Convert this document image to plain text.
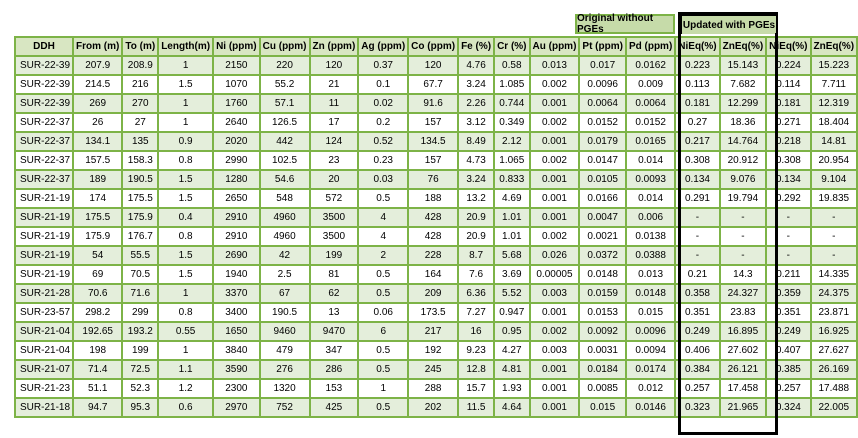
Original without PGEs	Updated with PGEs
DDH	From (m)	To (m)	Length(m)	Ni (ppm)	Cu (ppm)	Zn (ppm)	Ag (ppm)	Co (ppm)	Fe (%)	Cr (%)	Au (ppm)	Pt (ppm)	Pd (ppm)	NiEq(%)	ZnEq(%)	NiEq(%)	ZnEq(%)
SUR-22-39	207.9	208.9	1	2150	220	120	0.37	120	4.76	0.58	0.013	0.017	0.0162	0.223	15.143	0.224	15.223
SUR-22-39	214.5	216	1.5	1070	55.2	21	0.1	67.7	3.24	1.085	0.002	0.0096	0.009	0.113	7.682	0.114	7.711
SUR-22-39	269	270	1	1760	57.1	11	0.02	91.6	2.26	0.744	0.001	0.0064	0.0064	0.181	12.299	0.181	12.319
SUR-22-37	26	27	1	2640	126.5	17	0.2	157	3.12	0.349	0.002	0.0152	0.0152	0.27	18.36	0.271	18.404
SUR-22-37	134.1	135	0.9	2020	442	124	0.52	134.5	8.49	2.12	0.001	0.0179	0.0165	0.217	14.764	0.218	14.81
SUR-22-37	157.5	158.3	0.8	2990	102.5	23	0.23	157	4.73	1.065	0.002	0.0147	0.014	0.308	20.912	0.308	20.954
SUR-22-37	189	190.5	1.5	1280	54.6	20	0.03	76	3.24	0.833	0.001	0.0105	0.0093	0.134	9.076	0.134	9.104
SUR-21-19	174	175.5	1.5	2650	548	572	0.5	188	13.2	4.69	0.001	0.0166	0.014	0.291	19.794	0.292	19.835
SUR-21-19	175.5	175.9	0.4	2910	4960	3500	4	428	20.9	1.01	0.001	0.0047	0.006	-	-	-	-
SUR-21-19	175.9	176.7	0.8	2910	4960	3500	4	428	20.9	1.01	0.002	0.0021	0.0138	-	-	-	-
SUR-21-19	54	55.5	1.5	2690	42	199	2	228	8.7	5.68	0.026	0.0372	0.0388	-	-	-	-
SUR-21-19	69	70.5	1.5	1940	2.5	81	0.5	164	7.6	3.69	0.00005	0.0148	0.013	0.21	14.3	0.211	14.335
SUR-21-28	70.6	71.6	1	3370	67	62	0.5	209	6.36	5.52	0.003	0.0159	0.0148	0.358	24.327	0.359	24.375
SUR-23-57	298.2	299	0.8	3400	190.5	13	0.06	173.5	7.27	0.947	0.001	0.0153	0.015	0.351	23.83	0.351	23.871
SUR-21-04	192.65	193.2	0.55	1650	9460	9470	6	217	16	0.95	0.002	0.0092	0.0096	0.249	16.895	0.249	16.925
SUR-21-04	198	199	1	3840	479	347	0.5	192	9.23	4.27	0.003	0.0031	0.0094	0.406	27.602	0.407	27.627
SUR-21-07	71.4	72.5	1.1	3590	276	286	0.5	245	12.8	4.81	0.001	0.0184	0.0174	0.384	26.121	0.385	26.169
SUR-21-23	51.1	52.3	1.2	2300	1320	153	1	288	15.7	1.93	0.001	0.0085	0.012	0.257	17.458	0.257	17.488
SUR-21-18	94.7	95.3	0.6	2970	752	425	0.5	202	11.5	4.64	0.001	0.015	0.0146	0.323	21.965	0.324	22.005
